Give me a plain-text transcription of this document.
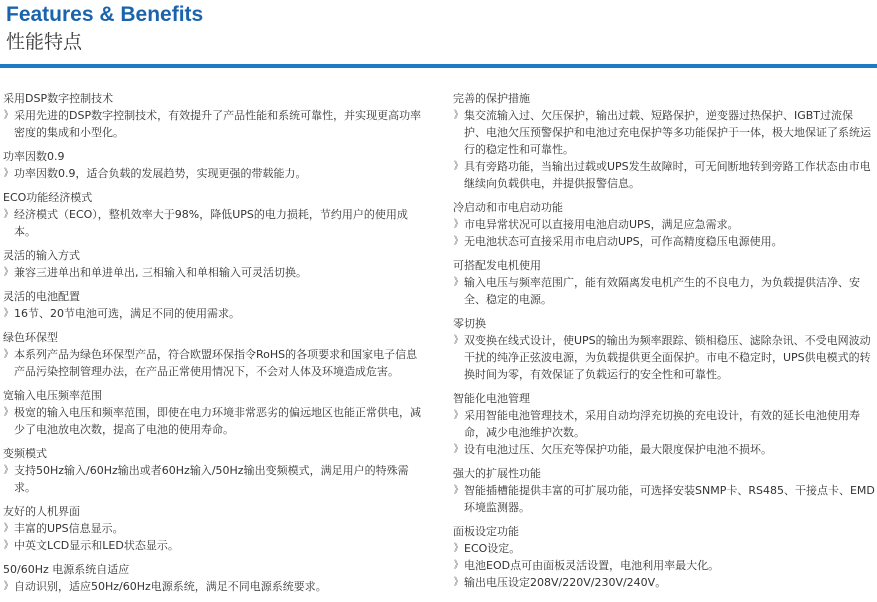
Features & Benefits
性能特点
采用DSP数字控制技术
》 采用先进的DSP数字控制技术，有效提升了产品性能和系统可靠性，并实现更高功率密度的集成和小型化。
功率因数0.9
》 功率因数0.9，适合负载的发展趋势，实现更强的带载能力。
ECO功能经济模式
》 经济模式（ECO），整机效率大于98%，降低UPS的电力损耗，节约用户的使用成本。
灵活的输入方式
》 兼容三进单出和单进单出, 三相输入和单相输入可灵活切换。
灵活的电池配置
》 16节、20节电池可选，满足不同的使用需求。
绿色环保型
》 本系列产品为绿色环保型产品，符合欧盟环保指令RoHS的各项要求和国家电子信息产品污染控制管理办法，在产品正常使用情况下，不会对人体及环境造成危害。
宽输入电压频率范围
》 极宽的输入电压和频率范围，即使在电力环境非常恶劣的偏远地区也能正常供电，减少了电池放电次数，提高了电池的使用寿命。
变频模式
》 支持50Hz输入/60Hz输出或者60Hz输入/50Hz输出变频模式，满足用户的特殊需求。
友好的人机界面
》 丰富的UPS信息显示。
》 中英文LCD显示和LED状态显示。
50/60Hz 电源系统自适应
》 自动识别，适应50Hz/60Hz电源系统，满足不同电源系统要求。
完善的保护措施
》 集交流输入过、欠压保护，输出过载、短路保护，逆变器过热保护、IGBT过流保护、电池欠压预警保护和电池过充电保护等多功能保护于一体，极大地保证了系统运行的稳定性和可靠性。
》 具有旁路功能，当输出过载或UPS发生故障时，可无间断地转到旁路工作状态由市电继续向负载供电，并提供报警信息。
冷启动和市电启动功能
》 市电异常状况可以直接用电池启动UPS，满足应急需求。
》 无电池状态可直接采用市电启动UPS，可作高精度稳压电源使用。
可搭配发电机使用
》 输入电压与频率范围广，能有效隔离发电机产生的不良电力，为负载提供洁净、安全、稳定的电源。
零切换
》 双变换在线式设计，使UPS的输出为频率跟踪、锁相稳压、滤除杂讯、不受电网波动干扰的纯净正弦波电源，为负载提供更全面保护。市电不稳定时，UPS供电模式的转换时间为零，有效保证了负载运行的安全性和可靠性。
智能化电池管理
》 采用智能电池管理技术，采用自动均浮充切换的充电设计，有效的延长电池使用寿命，减少电池维护次数。
》 设有电池过压、欠压充等保护功能，最大限度保护电池不损坏。
强大的扩展性功能
》 智能插槽能提供丰富的可扩展功能，可选择安装SNMP卡、RS485、干接点卡、EMD环境监测器。
面板设定功能
》 ECO设定。
》 电池EOD点可由面板灵活设置，电池利用率最大化。
》 输出电压设定208V/220V/230V/240V。
